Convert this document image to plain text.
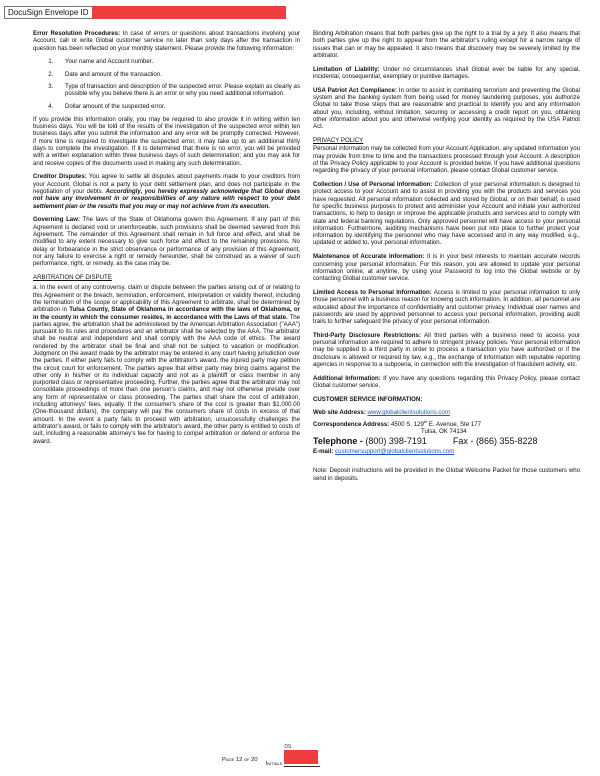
DocuSign Envelope ID

Error Resolution Procedures: In case of errors or questions about transactions involving your Account, call or write Global customer service no later than sixty days after the transaction in question has been reflected on your monthly statement. Please provide the following information:

1. Your name and Account number.
2. Date and amount of the transaction.
3. Type of transaction and description of the suspected error. Please explain as clearly as possible why you believe there is an error or why you need additional information.
4. Dollar amount of the suspected error.

If you provide this information orally, you may be required to also provide it in writing within ten business days. You will be told of the results of the investigation of the suspected error within ten business days after you submit the information and any error will be promptly corrected. However, if more time is required to investigate the suspected error, it may take up to an additional thirty days to complete the investigation. If it is determined that there is no error, you will be provided with a written explanation within three business days of such determination; and you may ask for and receive copies of the documents used in making any such determination.

Creditor Disputes: You agree to settle all disputes about payments made to your creditors from your Account. Global is not a party to your debt settlement plan, and does not participate in the negotiation of your debts. Accordingly, you hereby expressly acknowledge that Global does not have any involvement in or responsibilities of any nature with respect to your debt settlement plan or the results that you may or may not achieve from its execution.

Governing Law: The laws of the State of Oklahoma govern this Agreement. If any part of this Agreement is declared void or unenforceable, such provisions shall be deemed severed from this Agreement. The remainder of this Agreement shall remain in full force and effect, and shall be modified to any extent necessary to give such force and effect to the remaining provisions. No delay or forbearance in the strict observance or performance of any provision of this Agreement, nor any failure to exercise a right or remedy hereunder, shall be construed as a waiver of such performance, right, or remedy, as the case may be.

ARBITRATION OF DISPUTE

a. In the event of any controversy, claim or dispute between the parties arising out of or relating to this Agreement or the breach, termination, enforcement, interpretation or validity thereof, including the termination of the scope or applicability of this Agreement to arbitrate, shall be determined by arbitration in Tulsa County, State of Oklahoma in accordance with the laws of Oklahoma, or in the county in which the consumer resides, in accordance with the Laws of that state. The parties agree, the arbitration shall be administered by the American Arbitration Association ("AAA") pursuant to its rules and procedures and an arbitrator shall be selected by the AAA. The arbitrator shall be neutral and independent and shall comply with the AAA code of ethics. The award rendered by the arbitrator shall be final and shall not be subject to vacation or modification. Judgment on the award made by the arbitrator may be entered in any court having jurisdiction over the parties. If either party fails to comply with the arbitrator's award, the injured party may petition the circuit court for enforcement. The parties agree that either party may bring claims against the other only in his/her or its individual capacity and not as a plaintiff or class member in any purported class or representative proceeding. Further, the parties agree that the arbitrator may not consolidate proceedings of more than one person's claims, and may not otherwise preside over any form of representative or class proceeding. The parties shall share the cost of arbitration, including attorneys' fees, equally. If the consumer's share of the cost is greater than $1,000.00 (One-thousand dollars), the company will pay the consumers share of costs in excess of that amount. In the event a party fails to proceed with arbitration, unsuccessfully challenges the arbitrator's award, or fails to comply with the arbitrator's award, the other party is entitled to costs of suit, including a reasonable attorney's fee for having to compel arbitration or defend or enforce the award.

Binding Arbitration means that both parties give up the right to a trial by a jury. It also means that both parties give up the right to appeal from the arbitrator's ruling except for a narrow range of issues that can or may be appealed. It also means that discovery may be severely limited by the arbitrator.

Limitation of Liability: Under no circumstances shall Global ever be liable for any special, incidental, consequential, exemplary or punitive damages.

USA Patriot Act Compliance: In order to assist in combating terrorism and preventing the Global system and the banking system from being used for money laundering purposes, you authorize Global to take those steps that are reasonable and practical to identify you and any information about you, including, without limitation, securing or accessing a credit report on you, obtaining other information about you and otherwise verifying your identity as required by the USA Patriot Act.

PRIVACY POLICY

Personal information may be collected from your Account Application, any updated information you may provide from time to time and the transactions processed through your Account. A description of the Privacy Policy applicable to your Account is provided below. If you have additional questions regarding the privacy of your personal information, please contact Global customer service.

Collection / Use of Personal Information: Collection of your personal information is designed to protect access to your Account and to assist in providing you with the products and services you have requested. All personal information collected and stored by Global, or on their behalf, is used for specific business purposes to protect and administer your Account and initiate your authorized transactions, to help to design or improve the applicable products and services and to comply with state and federal banking regulations. Only approved personnel will have access to your personal information. Furthermore, auditing mechanisms have been put into place to further protect your information by identifying the personnel who may have accessed and in any way modified, e.g., updated or added to, your personal information.

Maintenance of Accurate Information: It is in your best interests to maintain accurate records concerning your personal information. For this reason, you are allowed to update your personal information online, at anytime, by using your Password to log into the Global website or by contacting Global customer service.

Limited Access to Personal Information: Access is limited to your personal information to only those personnel with a business reason for knowing such information. In addition, all personnel are educated about the importance of confidentiality and customer privacy. Individual user names and passwords are used by approved personnel to access your personal information, providing audit trails to further safeguard the privacy of your personal information.

Third-Party Disclosure Restrictions: All third parties with a business need to access your personal information are required to adhere to stringent privacy policies. Your personal information may be supplied to a third party in order to process a transaction you have authorized or if the disclosure is allowed or required by law, e.g., the exchange of information with reputable reporting agencies in response to a subpoena, in connection with the investigation of fraudulent activity, etc.

Additional Information: If you have any questions regarding this Privacy Policy, please contact Global customer service.

CUSTOMER SERVICE INFORMATION:
Web site Address: www.globalclientsolutions.com
Correspondence Address: 4500 S. 129th E. Avenue, Ste 177
Tulsa, OK 74134
Telephone - (800) 398-7191	Fax - (866) 355-8228
E-mail: customersupport@globalclientsolutions.com

Note: Deposit instructions will be provided in the Global Welcome Packet for those customers who send in deposits.

Page 12 of 20
Initials
DS
